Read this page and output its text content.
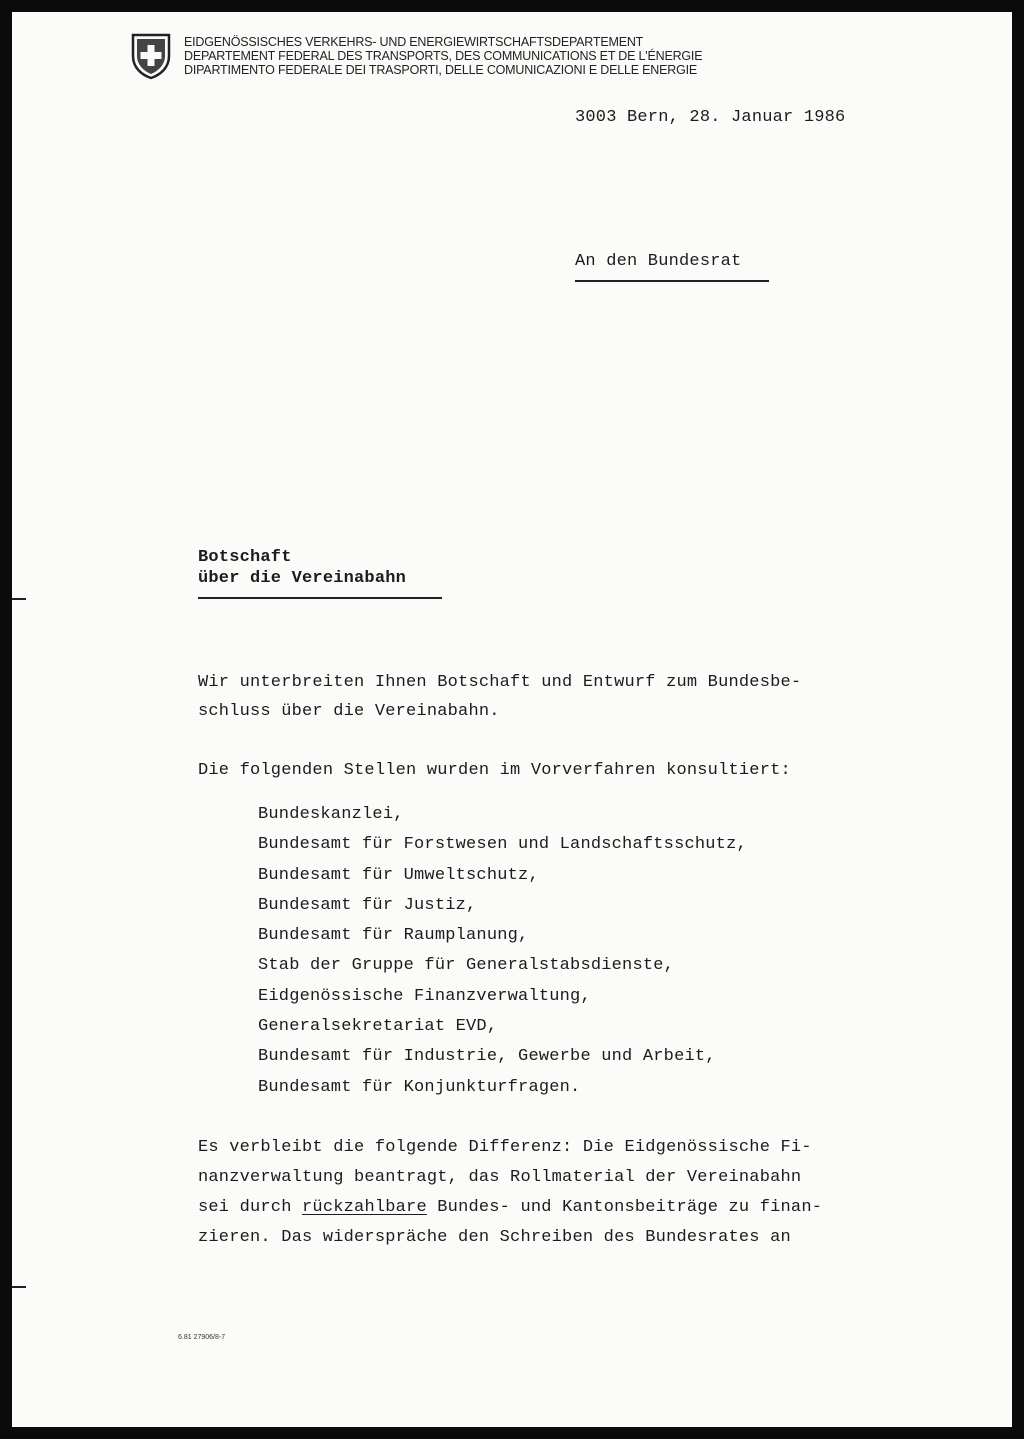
EIDGENÖSSISCHES VERKEHRS- UND ENERGIEWIRTSCHAFTSDEPARTEMENT
DEPARTEMENT FEDERAL DES TRANSPORTS, DES COMMUNICATIONS ET DE L'ÉNERGIE
DIPARTIMENTO FEDERALE DEI TRASPORTI, DELLE COMUNICAZIONI E DELLE ENERGIE
3003 Bern, 28. Januar 1986
An den Bundesrat
Botschaft
über die Vereinabahn
Wir unterbreiten Ihnen Botschaft und Entwurf zum Bundesbe-
schluss über die Vereinabahn.
Die folgenden Stellen wurden im Vorverfahren konsultiert:
Bundeskanzlei,
Bundesamt für Forstwesen und Landschaftsschutz,
Bundesamt für Umweltschutz,
Bundesamt für Justiz,
Bundesamt für Raumplanung,
Stab der Gruppe für Generalstabsdienste,
Eidgenössische Finanzverwaltung,
Generalsekretariat EVD,
Bundesamt für Industrie, Gewerbe und Arbeit,
Bundesamt für Konjunkturfragen.
Es verbleibt die folgende Differenz: Die Eidgenössische Fi-
nanzverwaltung beantragt, das Rollmaterial der Vereinabahn
sei durch rückzahlbare Bundes- und Kantonsbeiträge zu finan-
zieren. Das widerspräche den Schreiben des Bundesrates an
6.81 27906/8-7
